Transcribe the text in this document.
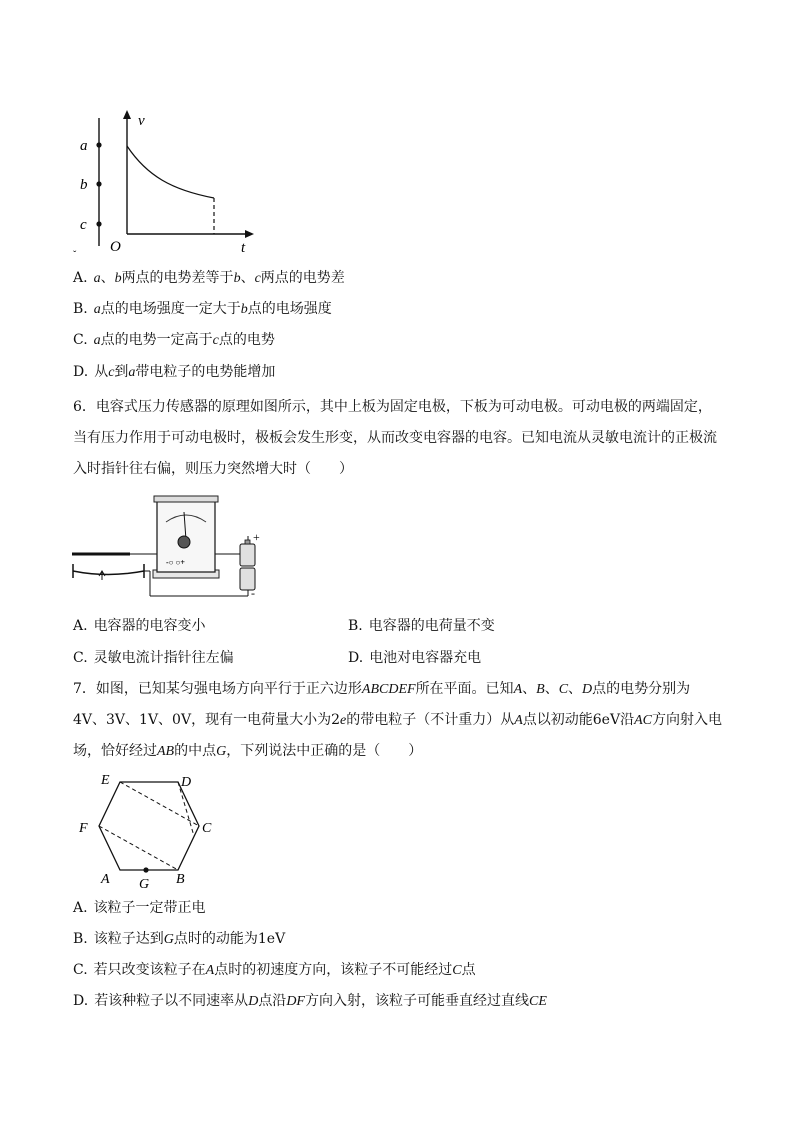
a
b
c
v
t
O
ˇ
A. a、b两点的电势差等于b、c两点的电势差
B. a点的电场强度一定大于b点的电场强度
C. a点的电势一定高于c点的电势
D. 从c到a带电粒子的电势能增加
6．电容式压力传感器的原理如图所示，其中上板为固定电极，下板为可动电极。可动电极的两端固定，当有压力作用于可动电极时，极板会发生形变，从而改变电容器的电容。已知电流从灵敏电流计的正极流入时指针往右偏，则压力突然增大时（　　）
-○ ○+
+
-
A. 电容器的电容变小	B. 电容器的电荷量不变
C. 灵敏电流计指针往左偏	D. 电池对电容器充电
7．如图，已知某匀强电场方向平行于正六边形ABCDEF所在平面。已知A、B、C、D点的电势分别为4V、3V、1V、0V，现有一电荷量大小为2e的带电粒子（不计重力）从A点以初动能6eV沿AC方向射入电场，恰好经过AB的中点G，下列说法中正确的是（　　）
E	D
C
F
A	B
G
A. 该粒子一定带正电
B. 该粒子达到G点时的动能为1eV
C. 若只改变该粒子在A点时的初速度方向，该粒子不可能经过C点
D. 若该种粒子以不同速率从D点沿DF方向入射，该粒子可能垂直经过直线CE
